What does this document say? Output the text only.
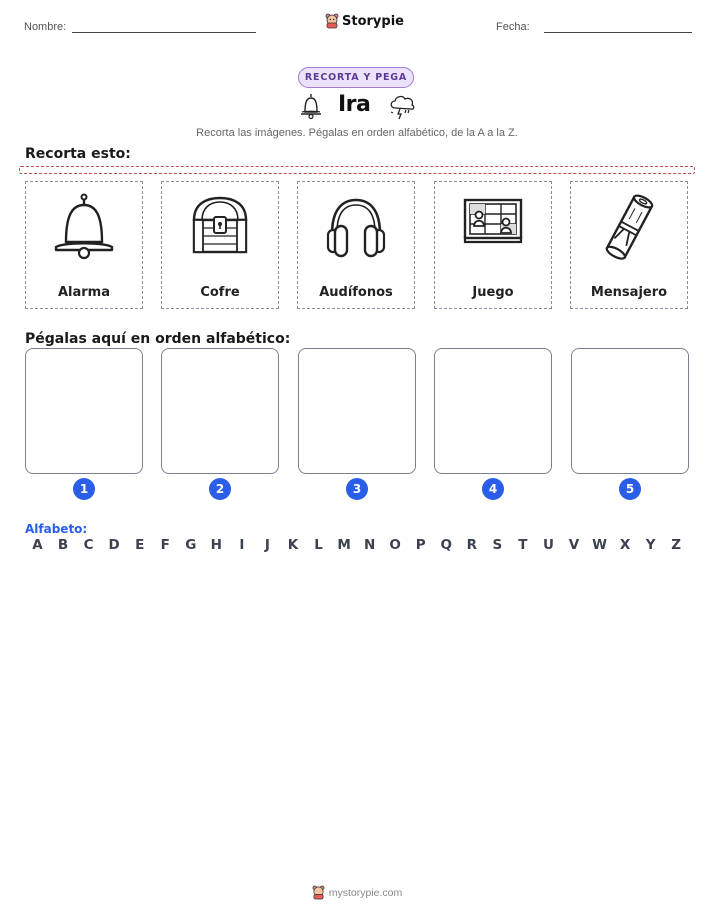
Nombre:	Storypie	Fecha:
RECORTA Y PEGA
Ira
Recorta las imágenes. Pégalas en orden alfabético, de la A a la Z.
Recorta esto:
Alarma	Cofre	Audífonos	Juego	Mensajero
Pégalas aquí en orden alfabético:
1	2	3	4	5
Alfabeto:
A	B	C	D	E	F	G	H	I	J	K	L	M N	O	P	Q	R	S	T	U	V W X	Y	Z
mystorypie.com
